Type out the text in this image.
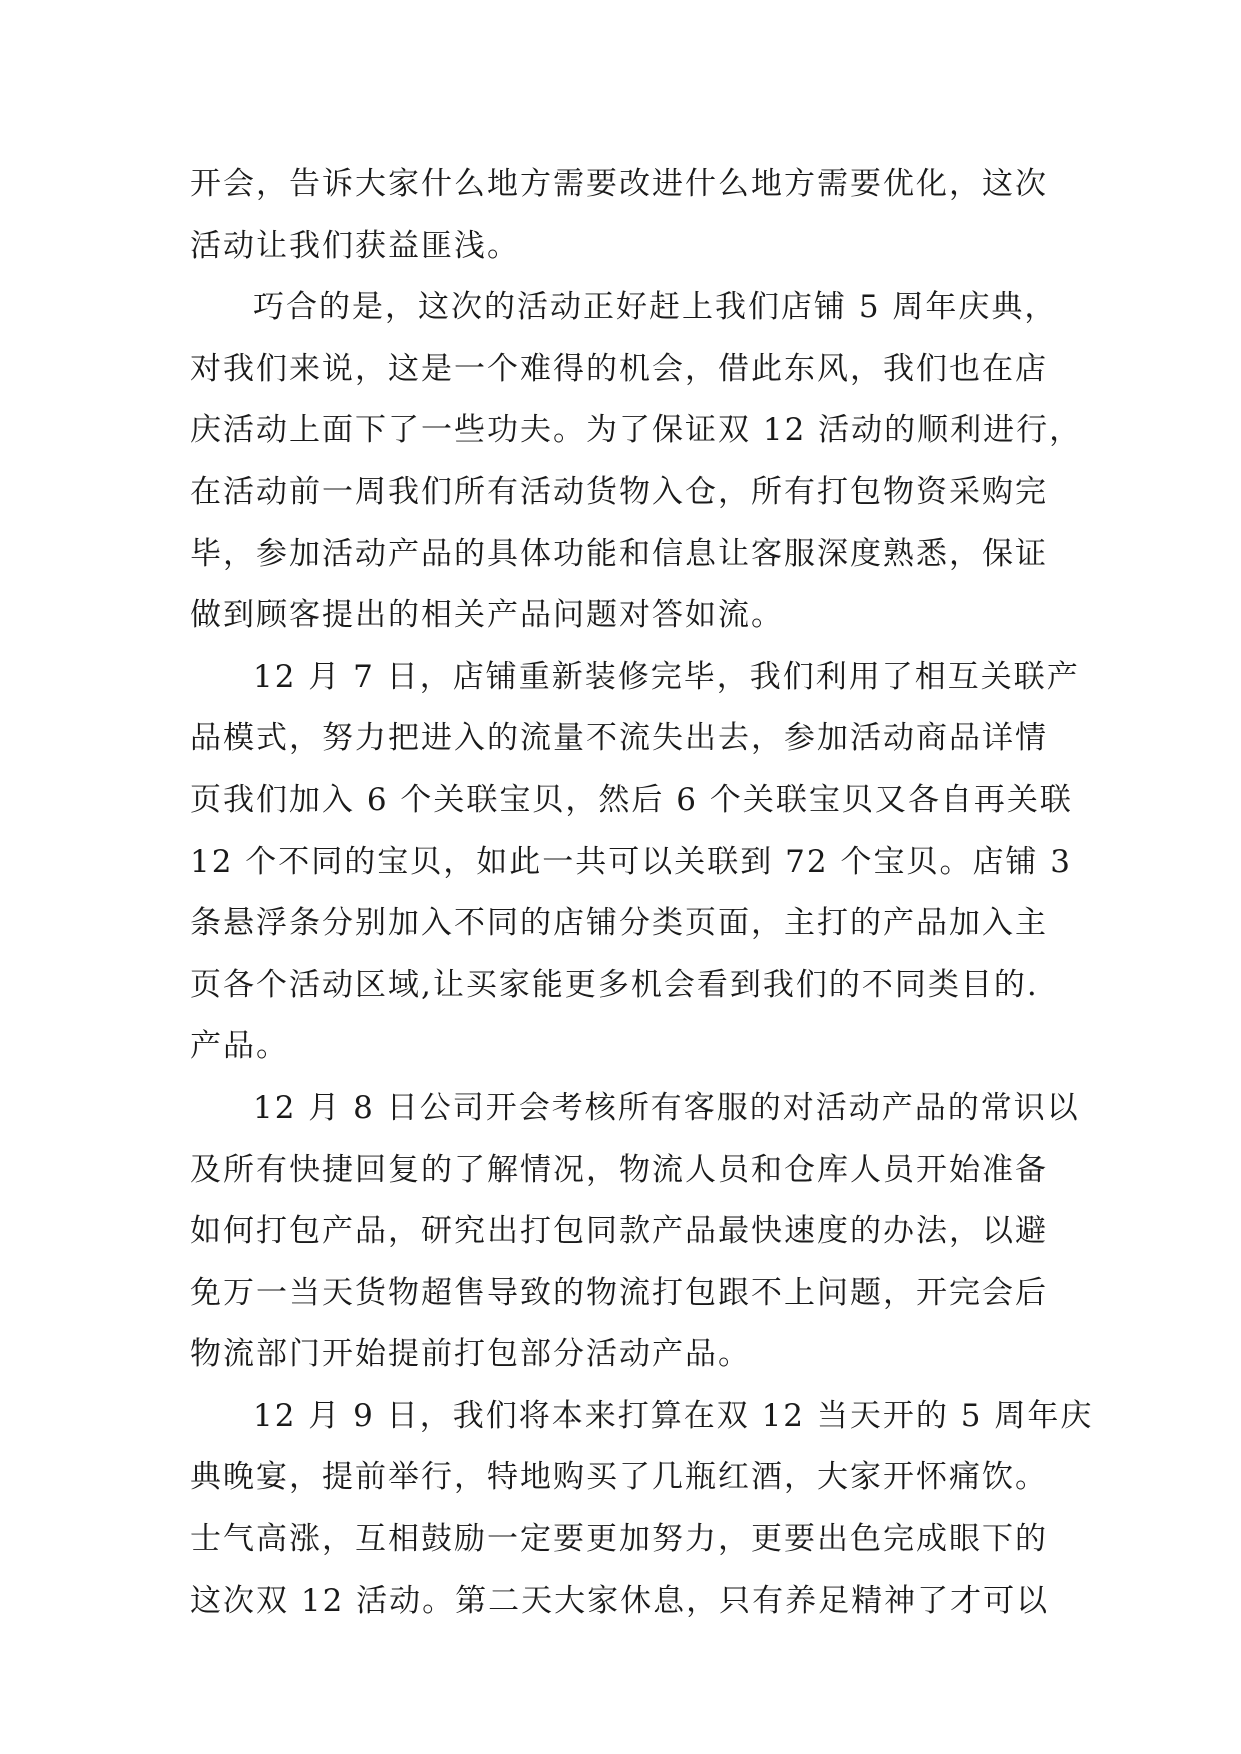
开会，告诉大家什么地方需要改进什么地方需要优化，这次
活动让我们获益匪浅。
巧合的是，这次的活动正好赶上我们店铺 5 周年庆典，
对我们来说，这是一个难得的机会，借此东风，我们也在店
庆活动上面下了一些功夫。为了保证双 12 活动的顺利进行，
在活动前一周我们所有活动货物入仓，所有打包物资采购完
毕，参加活动产品的具体功能和信息让客服深度熟悉，保证
做到顾客提出的相关产品问题对答如流。
12 月 7 日，店铺重新装修完毕，我们利用了相互关联产
品模式，努力把进入的流量不流失出去，参加活动商品详情
页我们加入 6 个关联宝贝，然后 6 个关联宝贝又各自再关联
12 个不同的宝贝，如此一共可以关联到 72 个宝贝。店铺 3
条悬浮条分别加入不同的店铺分类页面，主打的产品加入主
页各个活动区域,让买家能更多机会看到我们的不同类目的.
产品。
12 月 8 日公司开会考核所有客服的对活动产品的常识以
及所有快捷回复的了解情况，物流人员和仓库人员开始准备
如何打包产品，研究出打包同款产品最快速度的办法，以避
免万一当天货物超售导致的物流打包跟不上问题，开完会后
物流部门开始提前打包部分活动产品。
12 月 9 日，我们将本来打算在双 12 当天开的 5 周年庆
典晚宴，提前举行，特地购买了几瓶红酒，大家开怀痛饮。
士气高涨，互相鼓励一定要更加努力，更要出色完成眼下的
这次双 12 活动。第二天大家休息，只有养足精神了才可以
